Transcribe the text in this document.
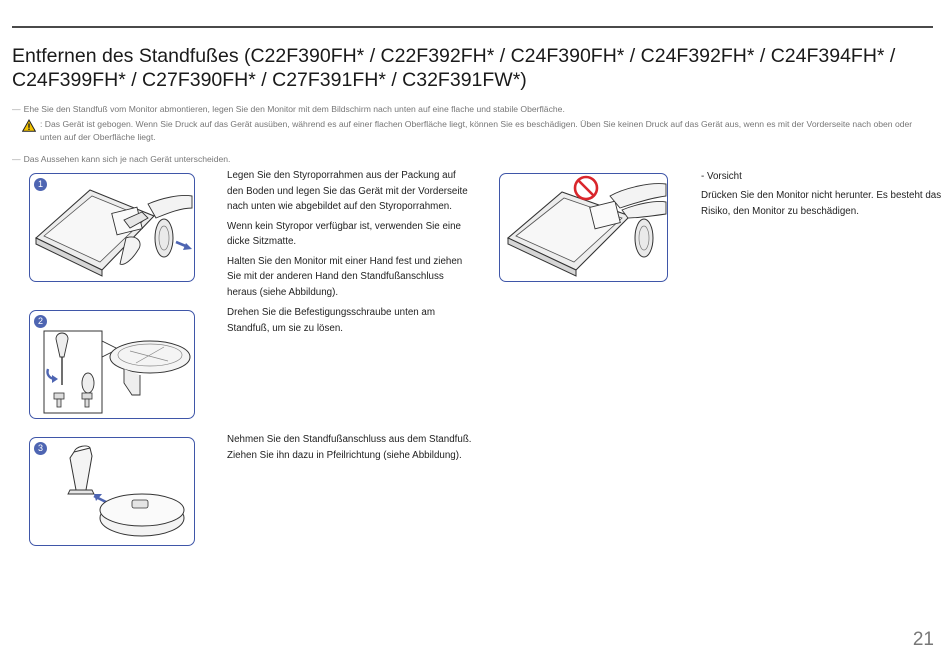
Entfernen des Standfußes (C22F390FH* / C22F392FH* / C24F390FH* / C24F392FH* / C24F394FH* / C24F399FH* / C27F390FH* / C27F391FH* / C32F391FW*)
— Ehe Sie den Standfuß vom Monitor abmontieren, legen Sie den Monitor mit dem Bildschirm nach unten auf eine flache und stabile Oberfläche.
: Das Gerät ist gebogen. Wenn Sie Druck auf das Gerät ausüben, während es auf einer flachen Oberfläche liegt, können Sie es beschädigen. Üben Sie keinen Druck auf das Gerät aus, wenn es mit der Vorderseite nach oben oder unten auf der Oberfläche liegt.
— Das Aussehen kann sich je nach Gerät unterscheiden.
1

Legen Sie den Styroporrahmen aus der Packung auf den Boden und legen Sie das Gerät mit der Vorderseite nach unten wie abgebildet auf den Styroporrahmen.

Wenn kein Styropor verfügbar ist, verwenden Sie eine dicke Sitzmatte.

Halten Sie den Monitor mit einer Hand fest und ziehen Sie mit der anderen Hand den Standfußanschluss heraus (siehe Abbildung).

2

Drehen Sie die Befestigungsschraube unten am Standfuß, um sie zu lösen.

3

Nehmen Sie den Standfußanschluss aus dem Standfuß. Ziehen Sie ihn dazu in Pfeilrichtung (siehe Abbildung).

- Vorsicht
Drücken Sie den Monitor nicht herunter. Es besteht das Risiko, den Monitor zu beschädigen.
21
